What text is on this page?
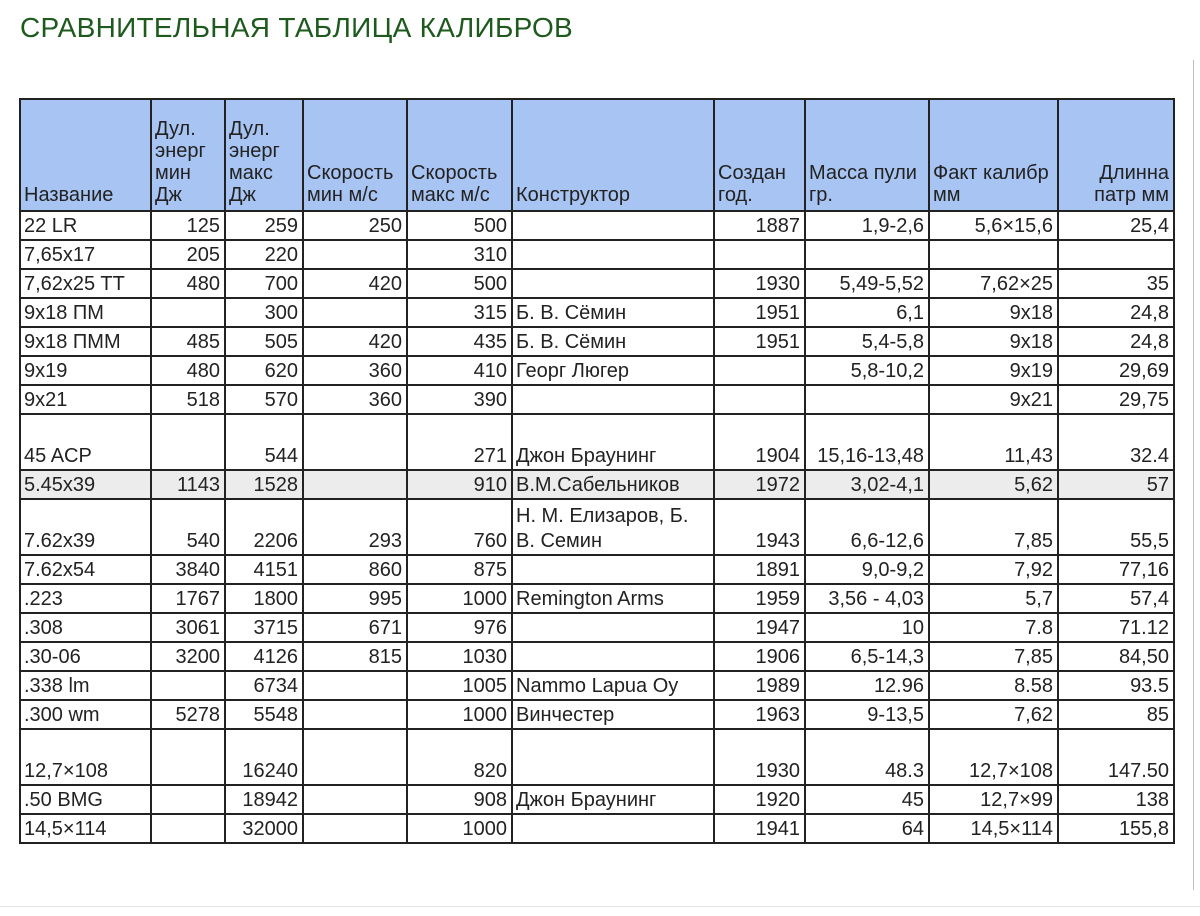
СРАВНИТЕЛЬНАЯ ТАБЛИЦА КАЛИБРОВ
Название	Дул. энерг мин Дж	Дул. энерг макс Дж	Скорость мин м/с	Скорость макс м/с	Конструктор	Создан год.	Масса пули гр.	Факт калибр мм	Длинна патр мм
22 LR	125	259	250	500		1887	1,9-2,6	5,6×15,6	25,4
7,65x17	205	220		310					
7,62x25 TT	480	700	420	500		1930	5,49-5,52	7,62×25	35
9x18 ПМ		300		315	Б. В. Сёмин	1951	6,1	9x18	24,8
9x18 ПММ	485	505	420	435	Б. В. Сёмин	1951	5,4-5,8	9x18	24,8
9x19	480	620	360	410	Георг Люгер		5,8-10,2	9x19	29,69
9x21	518	570	360	390				9x21	29,75
45 ACP		544		271	Джон Браунинг	1904	15,16-13,48	11,43	32.4
5.45x39	1143	1528		910	В.М.Сабельников	1972	3,02-4,1	5,62	57
7.62x39	540	2206	293	760	Н. М. Елизаров, Б. В. Семин	1943	6,6-12,6	7,85	55,5
7.62x54	3840	4151	860	875		1891	9,0-9,2	7,92	77,16
.223	1767	1800	995	1000	Remington Arms	1959	3,56 - 4,03	5,7	57,4
.308	3061	3715	671	976		1947	10	7.8	71.12
.30-06	3200	4126	815	1030		1906	6,5-14,3	7,85	84,50
.338 lm		6734		1005	Nammo Lapua Oy	1989	12.96	8.58	93.5
.300 wm	5278	5548		1000	Винчестер	1963	9-13,5	7,62	85
12,7×108		16240		820		1930	48.3	12,7×108	147.50
.50 BMG		18942		908	Джон Браунинг	1920	45	12,7×99	138
14,5×114		32000		1000		1941	64	14,5×114	155,8
